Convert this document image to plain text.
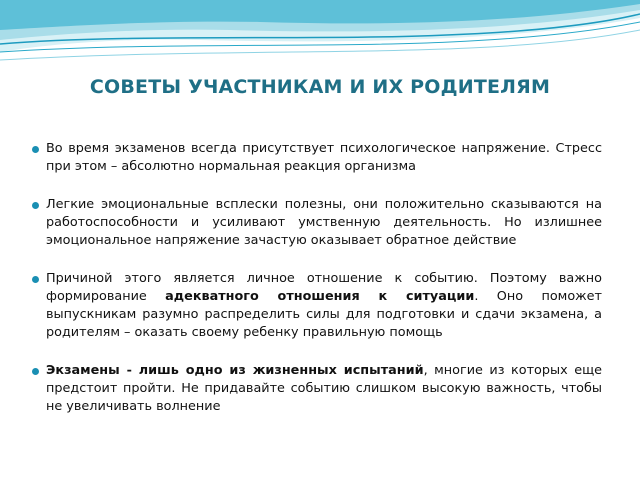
СОВЕТЫ УЧАСТНИКАМ И ИХ РОДИТЕЛЯМ
Во время экзаменов всегда присутствует психологическое напряжение. Стресс при этом – абсолютно нормальная реакция организма
Легкие эмоциональные всплески полезны, они положительно сказываются на работоспособности и усиливают умственную деятельность. Но излишнее эмоциональное напряжение зачастую оказывает обратное действие
Причиной этого является личное отношение к событию. Поэтому важно формирование адекватного отношения к ситуации. Оно поможет выпускникам разумно распределить силы для подготовки и сдачи экзамена, а родителям – оказать своему ребенку правильную помощь
Экзамены - лишь одно из жизненных испытаний, многие из которых еще предстоит пройти. Не придавайте событию слишком высокую важность, чтобы не увеличивать волнение
